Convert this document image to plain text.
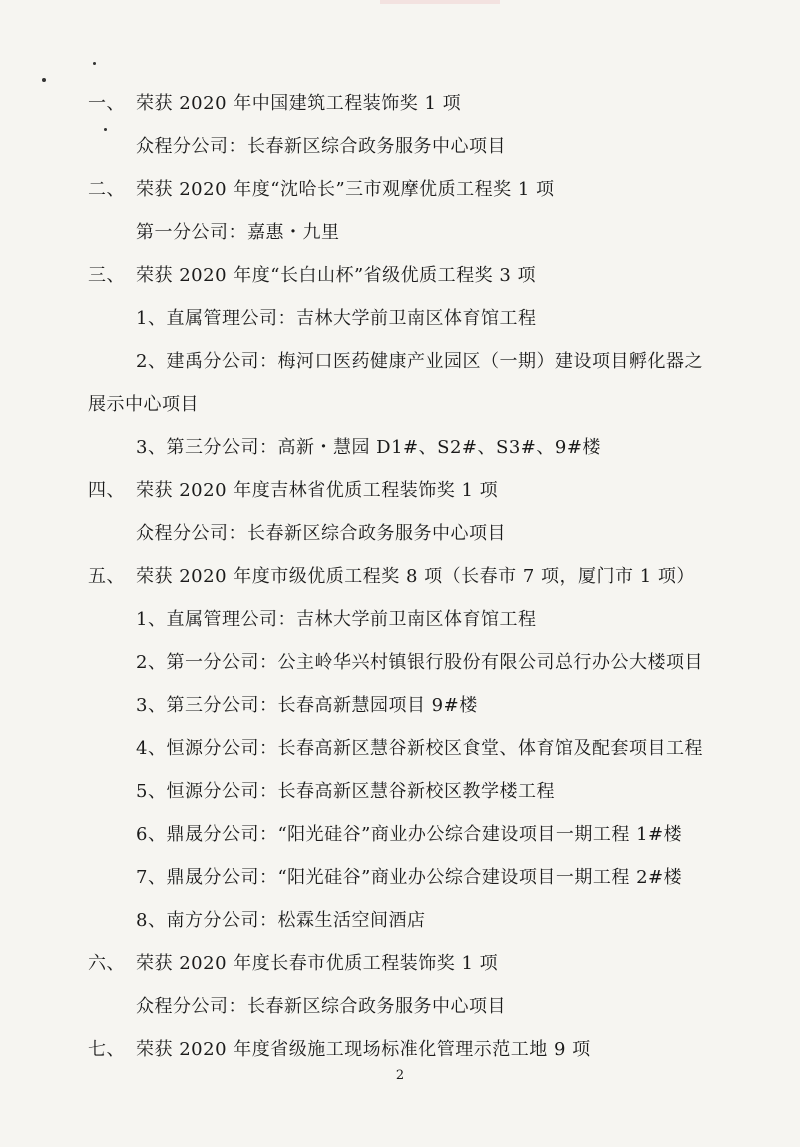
一、 荣获 2020 年中国建筑工程装饰奖 1 项
众程分公司：长春新区综合政务服务中心项目
二、 荣获 2020 年度“沈哈长”三市观摩优质工程奖 1 项
第一分公司：嘉惠・九里
三、 荣获 2020 年度“长白山杯”省级优质工程奖 3 项
1、直属管理公司：吉林大学前卫南区体育馆工程
2、建禹分公司：梅河口医药健康产业园区（一期）建设项目孵化器之
展示中心项目
3、第三分公司：高新・慧园 D1#、S2#、S3#、9#楼
四、 荣获 2020 年度吉林省优质工程装饰奖 1 项
众程分公司：长春新区综合政务服务中心项目
五、 荣获 2020 年度市级优质工程奖 8 项（长春市 7 项，厦门市 1 项）
1、直属管理公司：吉林大学前卫南区体育馆工程
2、第一分公司：公主岭华兴村镇银行股份有限公司总行办公大楼项目
3、第三分公司：长春高新慧园项目 9#楼
4、恒源分公司：长春高新区慧谷新校区食堂、体育馆及配套项目工程
5、恒源分公司：长春高新区慧谷新校区教学楼工程
6、鼎晟分公司：“阳光硅谷”商业办公综合建设项目一期工程 1#楼
7、鼎晟分公司：“阳光硅谷”商业办公综合建设项目一期工程 2#楼
8、南方分公司：松霖生活空间酒店
六、 荣获 2020 年度长春市优质工程装饰奖 1 项
众程分公司：长春新区综合政务服务中心项目
七、 荣获 2020 年度省级施工现场标准化管理示范工地 9 项
2
